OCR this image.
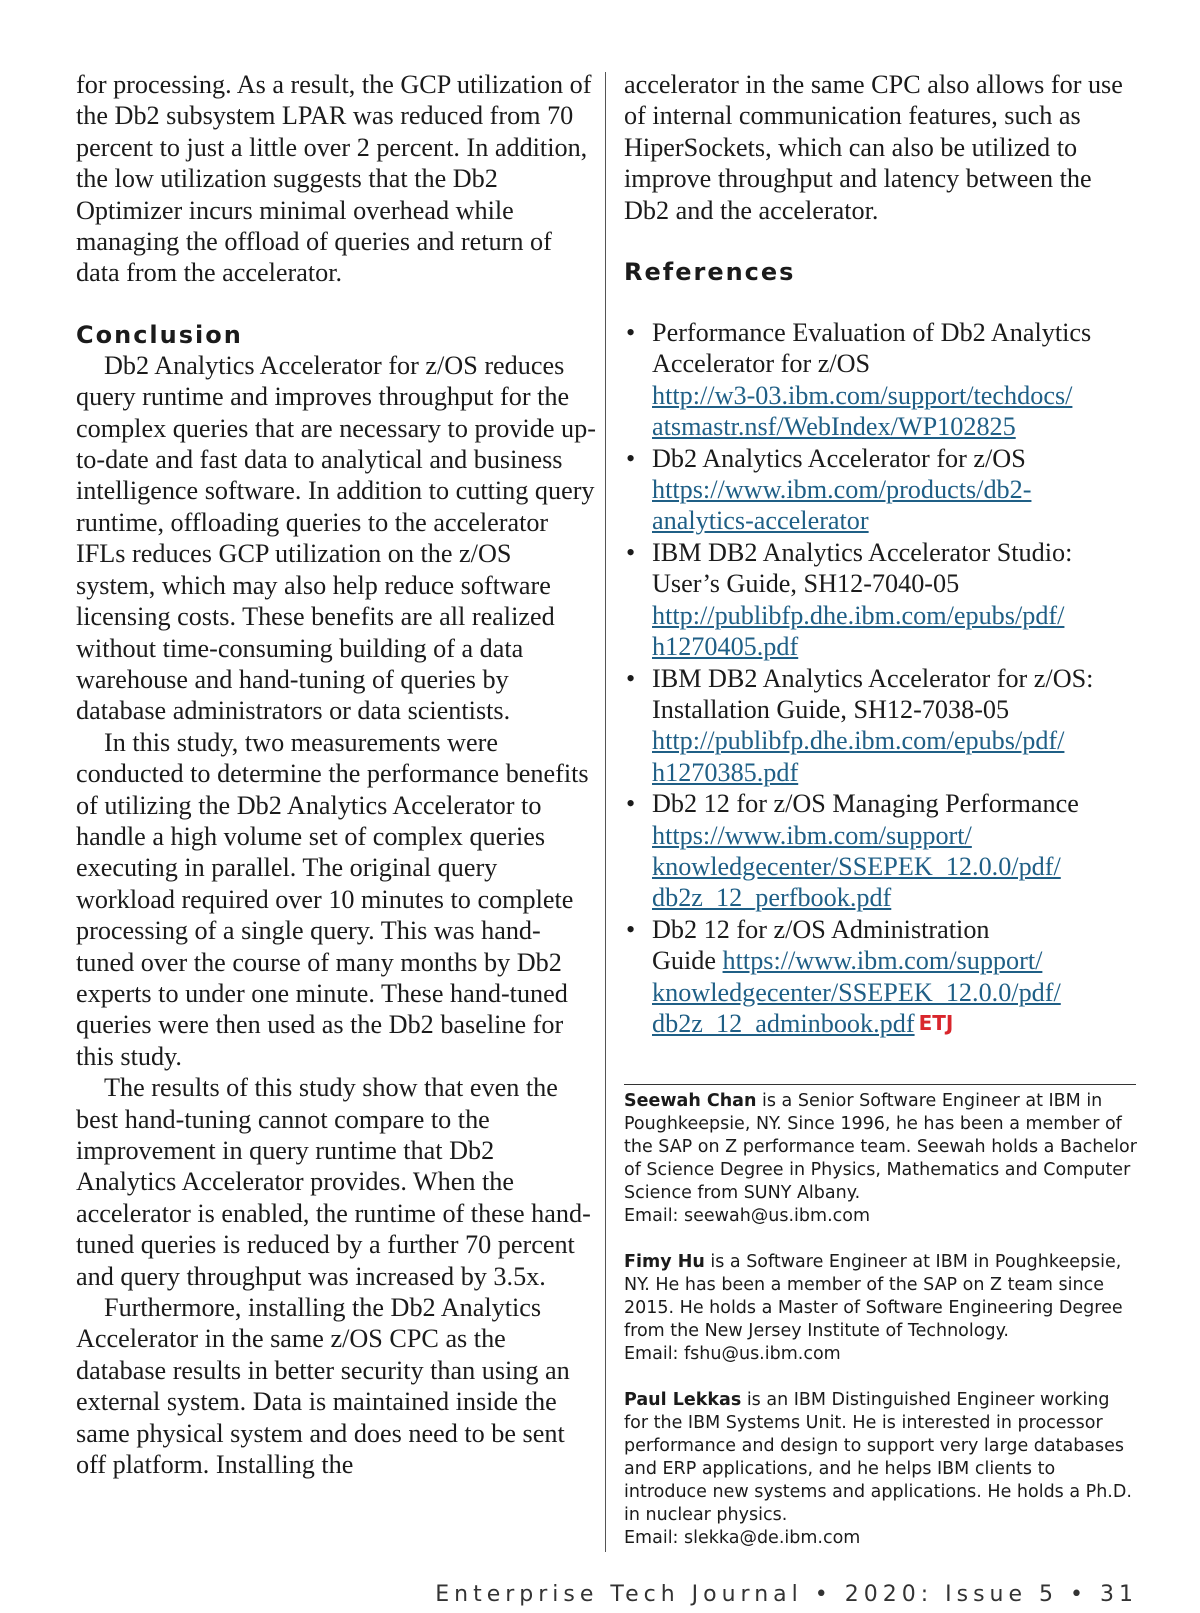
for processing. As a result, the GCP utilization of the Db2 subsystem LPAR was reduced from 70 percent to just a little over 2 percent. In addition, the low utilization suggests that the Db2 Optimizer incurs minimal overhead while managing the offload of queries and return of data from the accelerator.

Conclusion

Db2 Analytics Accelerator for z/OS reduces query runtime and improves throughput for the complex queries that are necessary to provide up-to-date and fast data to analytical and business intelligence software. In addition to cutting query runtime, offloading queries to the accelerator IFLs reduces GCP utilization on the z/OS system, which may also help reduce software licensing costs. These benefits are all realized without time-consuming building of a data warehouse and hand-tuning of queries by database administrators or data scientists.

In this study, two measurements were conducted to determine the performance benefits of utilizing the Db2 Analytics Accelerator to handle a high volume set of complex queries executing in parallel. The original query workload required over 10 minutes to complete processing of a single query. This was hand-tuned over the course of many months by Db2 experts to under one minute. These hand-tuned queries were then used as the Db2 baseline for this study.

The results of this study show that even the best hand-tuning cannot compare to the improvement in query runtime that Db2 Analytics Accelerator provides. When the accelerator is enabled, the runtime of these hand-tuned queries is reduced by a further 70 percent and query throughput was increased by 3.5x.

Furthermore, installing the Db2 Analytics Accelerator in the same z/OS CPC as the database results in better security than using an external system. Data is maintained inside the same physical system and does need to be sent off platform. Installing the

accelerator in the same CPC also allows for use of internal communication features, such as HiperSockets, which can also be utilized to improve throughput and latency between the Db2 and the accelerator.

References
• Performance Evaluation of Db2 Analytics Accelerator for z/OS
http://w3-03.ibm.com/support/techdocs/
atsmastr.nsf/WebIndex/WP102825
• Db2 Analytics Accelerator for z/OS
https://www.ibm.com/products/db2-
analytics-accelerator
• IBM DB2 Analytics Accelerator Studio: User’s Guide, SH12-7040-05
http://publibfp.dhe.ibm.com/epubs/pdf/
h1270405.pdf
• IBM DB2 Analytics Accelerator for z/OS: Installation Guide, SH12-7038-05
http://publibfp.dhe.ibm.com/epubs/pdf/
h1270385.pdf
• Db2 12 for z/OS Managing Performance
https://www.ibm.com/support/
knowledgecenter/SSEPEK_12.0.0/pdf/
db2z_12_perfbook.pdf
• Db2 12 for z/OS Administration
Guide https://www.ibm.com/support/
knowledgecenter/SSEPEK_12.0.0/pdf/
db2z_12_adminbook.pdf ETJ

Seewah Chan is a Senior Software Engineer at IBM in Poughkeepsie, NY. Since 1996, he has been a member of the SAP on Z performance team. Seewah holds a Bachelor of Science Degree in Physics, Mathematics and Computer Science from SUNY Albany.
Email: seewah@us.ibm.com

Fimy Hu is a Software Engineer at IBM in Poughkeepsie, NY. He has been a member of the SAP on Z team since 2015. He holds a Master of Software Engineering Degree from the New Jersey Institute of Technology.
Email: fshu@us.ibm.com

Paul Lekkas is an IBM Distinguished Engineer working for the IBM Systems Unit. He is interested in processor performance and design to support very large databases and ERP applications, and he helps IBM clients to introduce new systems and applications. He holds a Ph.D. in nuclear physics.
Email: slekka@de.ibm.com

Enterprise Tech Journal • 2020: Issue 5 • 31
